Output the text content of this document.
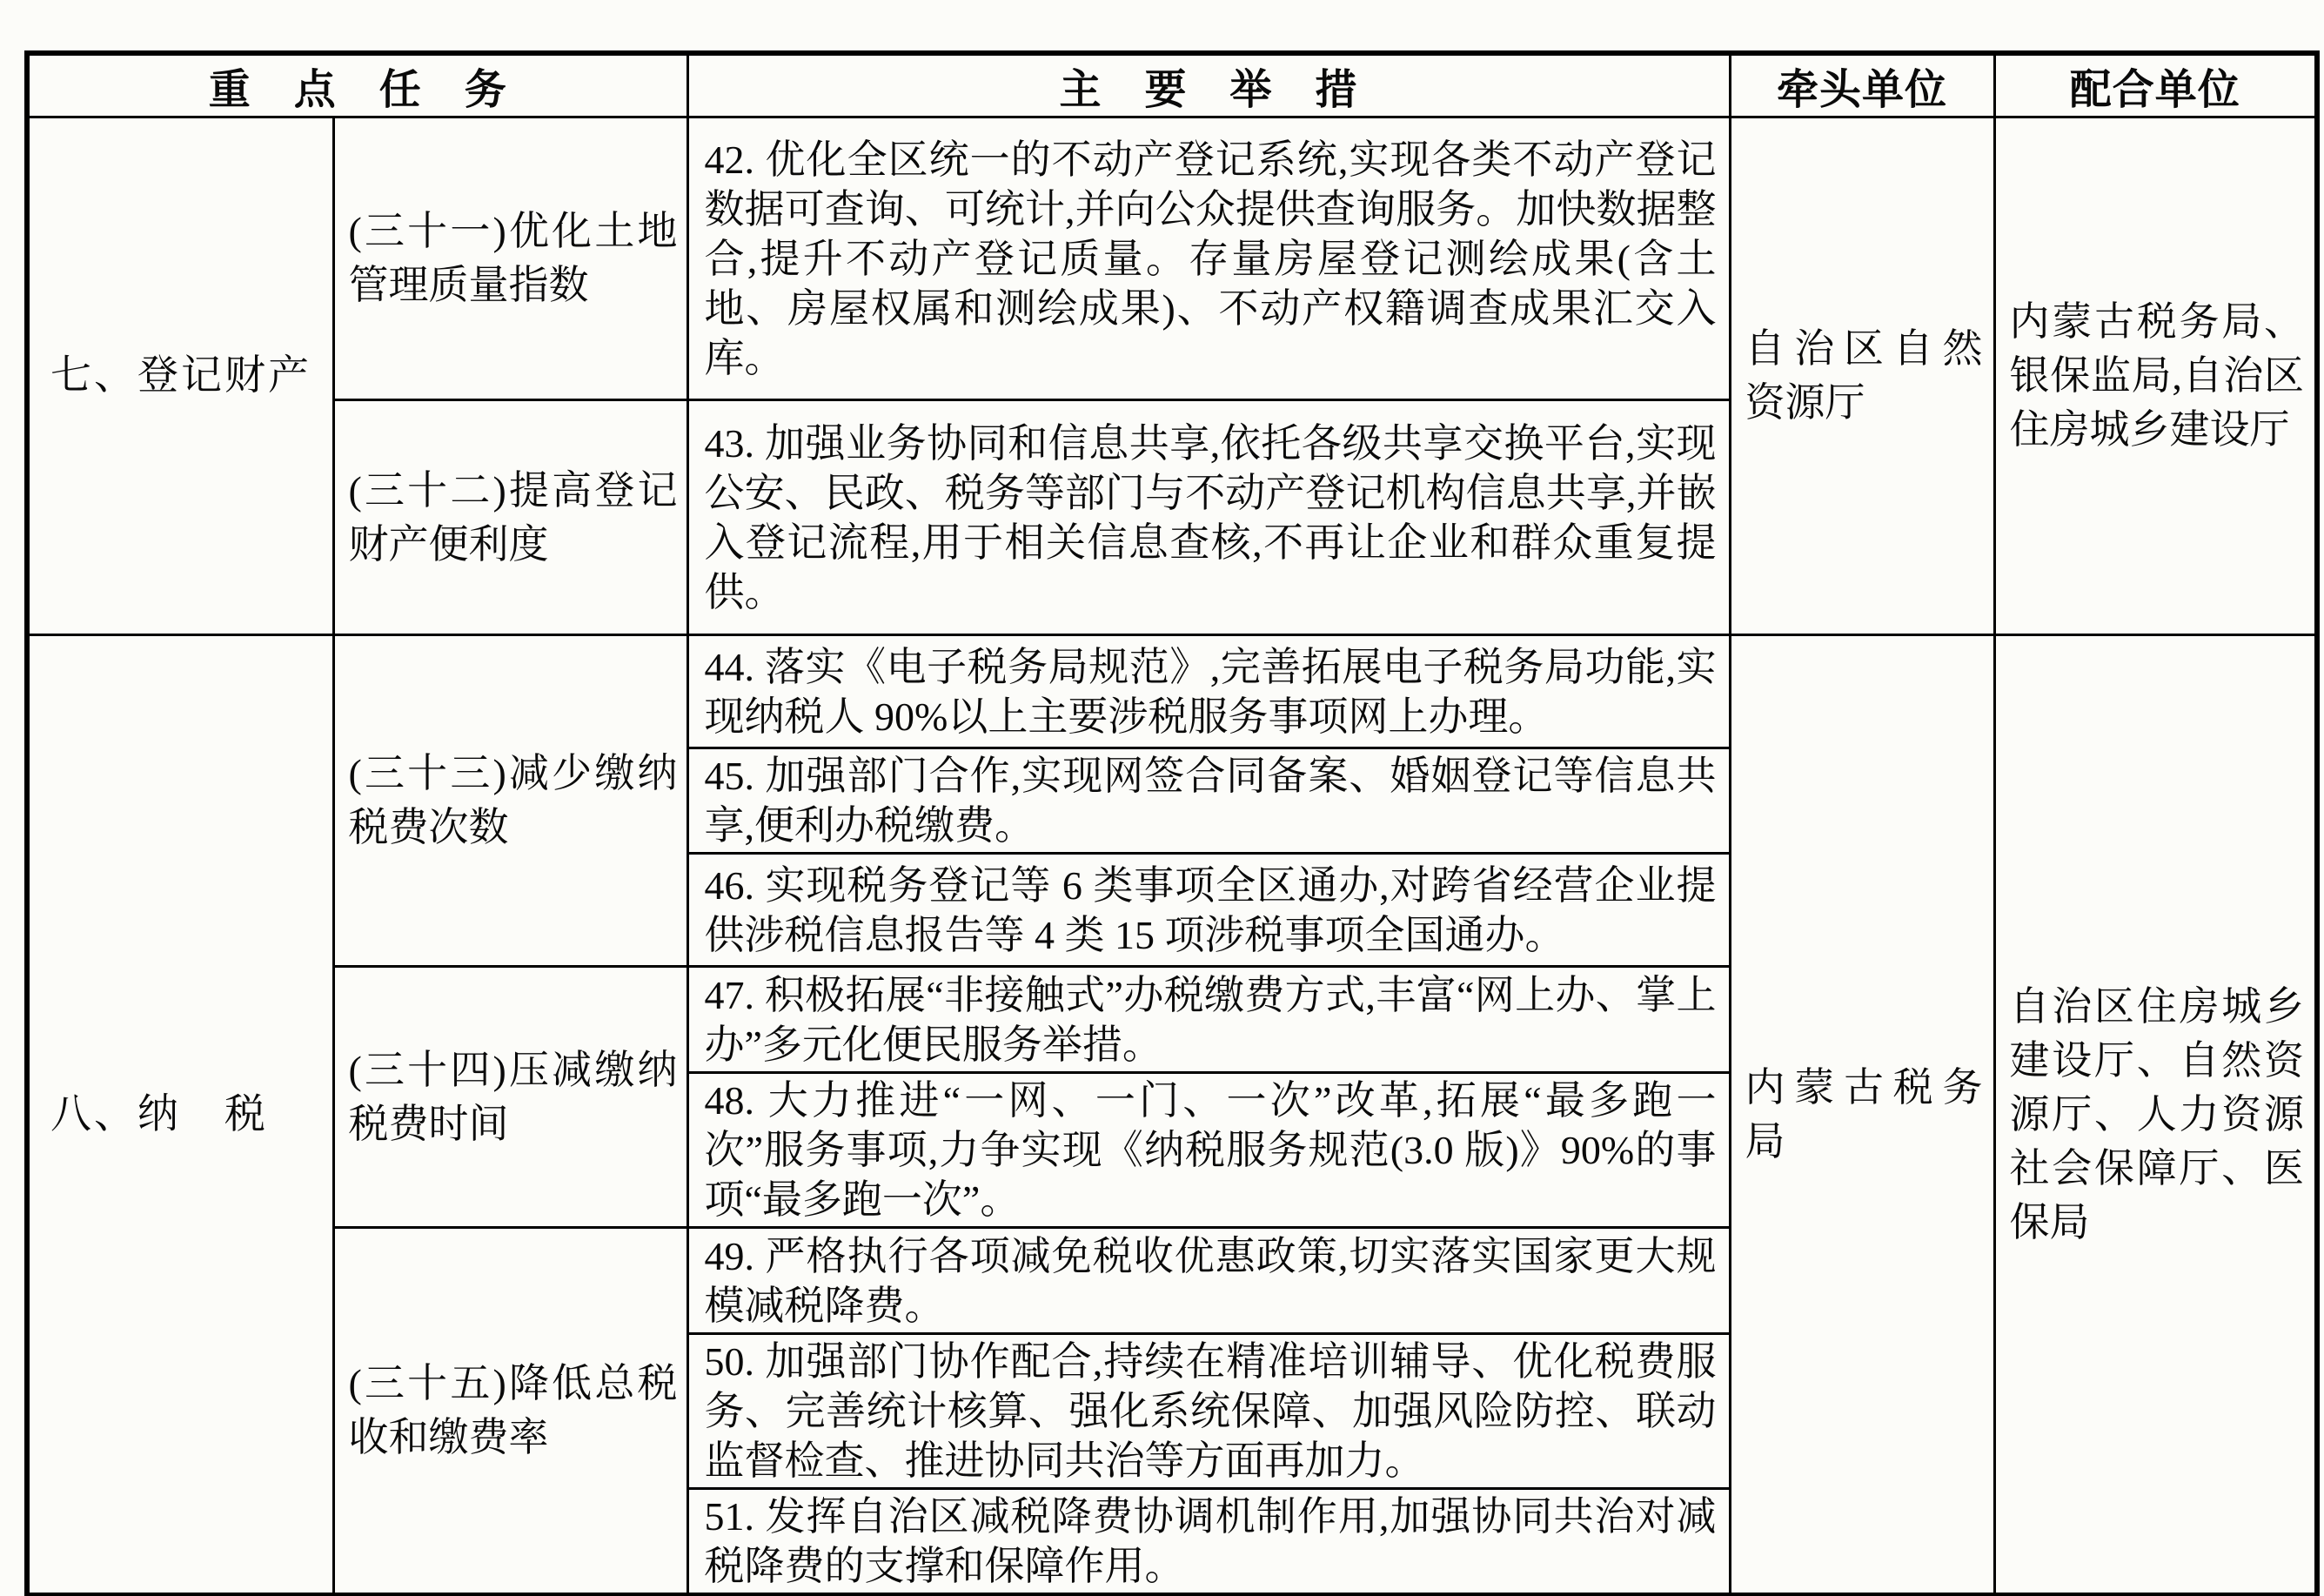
重　点　任　务		主　要　举　措	牵头单位	配合单位
七、登记财产	(三十一)优化土地管理质量指数	42. 优化全区统一的不动产登记系统,实现各类不动产登记数据可查询、可统计,并向公众提供查询服务。加快数据整合,提升不动产登记质量。存量房屋登记测绘成果(含土地、房屋权属和测绘成果)、不动产权籍调查成果汇交入库。	自治区自然资源厅	内蒙古税务局、银保监局,自治区住房城乡建设厅
	(三十二)提高登记财产便利度	43. 加强业务协同和信息共享,依托各级共享交换平台,实现公安、民政、税务等部门与不动产登记机构信息共享,并嵌入登记流程,用于相关信息查核,不再让企业和群众重复提供。		
八、纳　税	(三十三)减少缴纳税费次数	44. 落实《电子税务局规范》,完善拓展电子税务局功能,实现纳税人 90%以上主要涉税服务事项网上办理。	内蒙古税务局	自治区住房城乡建设厅、自然资源厅、人力资源社会保障厅、医保局
		45. 加强部门合作,实现网签合同备案、婚姻登记等信息共享,便利办税缴费。		
		46. 实现税务登记等 6 类事项全区通办,对跨省经营企业提供涉税信息报告等 4 类 15 项涉税事项全国通办。		
	(三十四)压减缴纳税费时间	47. 积极拓展“非接触式”办税缴费方式,丰富“网上办、掌上办”多元化便民服务举措。		
		48. 大力推进“一网、一门、一次”改革,拓展“最多跑一次”服务事项,力争实现《纳税服务规范(3.0 版)》90%的事项“最多跑一次”。		
	(三十五)降低总税收和缴费率	49. 严格执行各项减免税收优惠政策,切实落实国家更大规模减税降费。		
		50. 加强部门协作配合,持续在精准培训辅导、优化税费服务、完善统计核算、强化系统保障、加强风险防控、联动监督检查、推进协同共治等方面再加力。		
		51. 发挥自治区减税降费协调机制作用,加强协同共治对减税降费的支撑和保障作用。		
